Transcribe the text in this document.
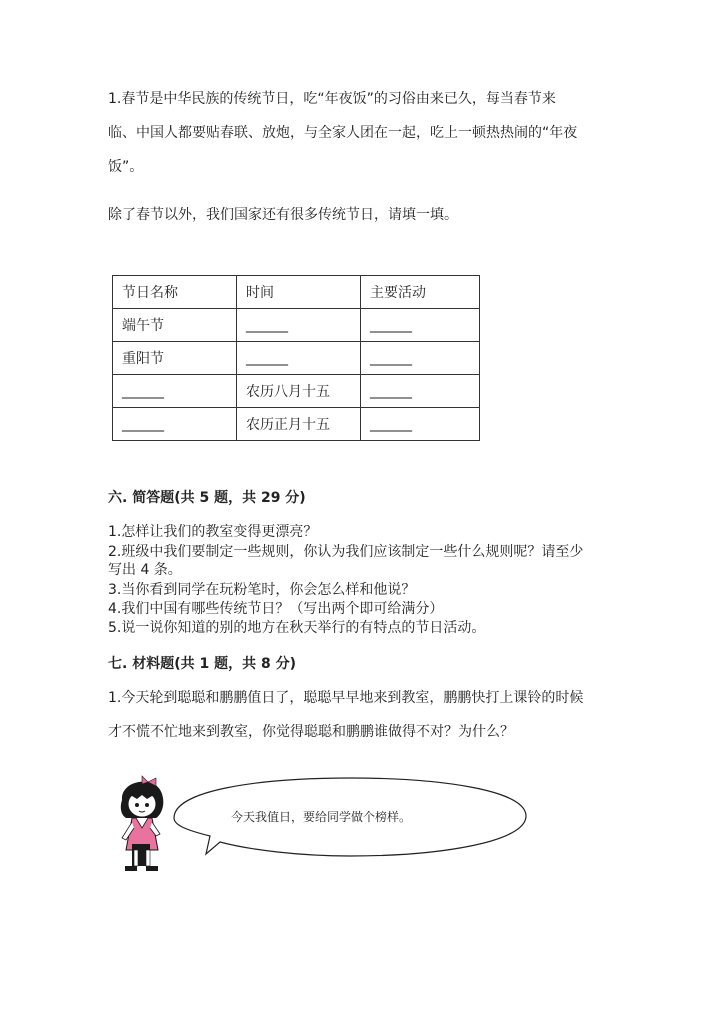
1.春节是中华民族的传统节日，吃“年夜饭”的习俗由来已久，每当春节来
临、中国人都要贴春联、放炮，与全家人团在一起，吃上一顿热热闹的“年夜
饭”。
除了春节以外，我们国家还有很多传统节日，请填一填。
节日名称	时间	主要活动
端午节	______	______
重阳节	______	______
______	农历八月十五	______
______	农历正月十五	______
六. 简答题(共 5 题，共 29 分)
1.怎样让我们的教室变得更漂亮？
2.班级中我们要制定一些规则，你认为我们应该制定一些什么规则呢？请至少
写出 4 条。
3.当你看到同学在玩粉笔时，你会怎么样和他说？
4.我们中国有哪些传统节日？（写出两个即可给满分）
5.说一说你知道的别的地方在秋天举行的有特点的节日活动。
七. 材料题(共 1 题，共 8 分)
1.今天轮到聪聪和鹏鹏值日了，聪聪早早地来到教室，鹏鹏快打上课铃的时候
才不慌不忙地来到教室，你觉得聪聪和鹏鹏谁做得不对？为什么？
今天我值日，要给同学做个榜样。
